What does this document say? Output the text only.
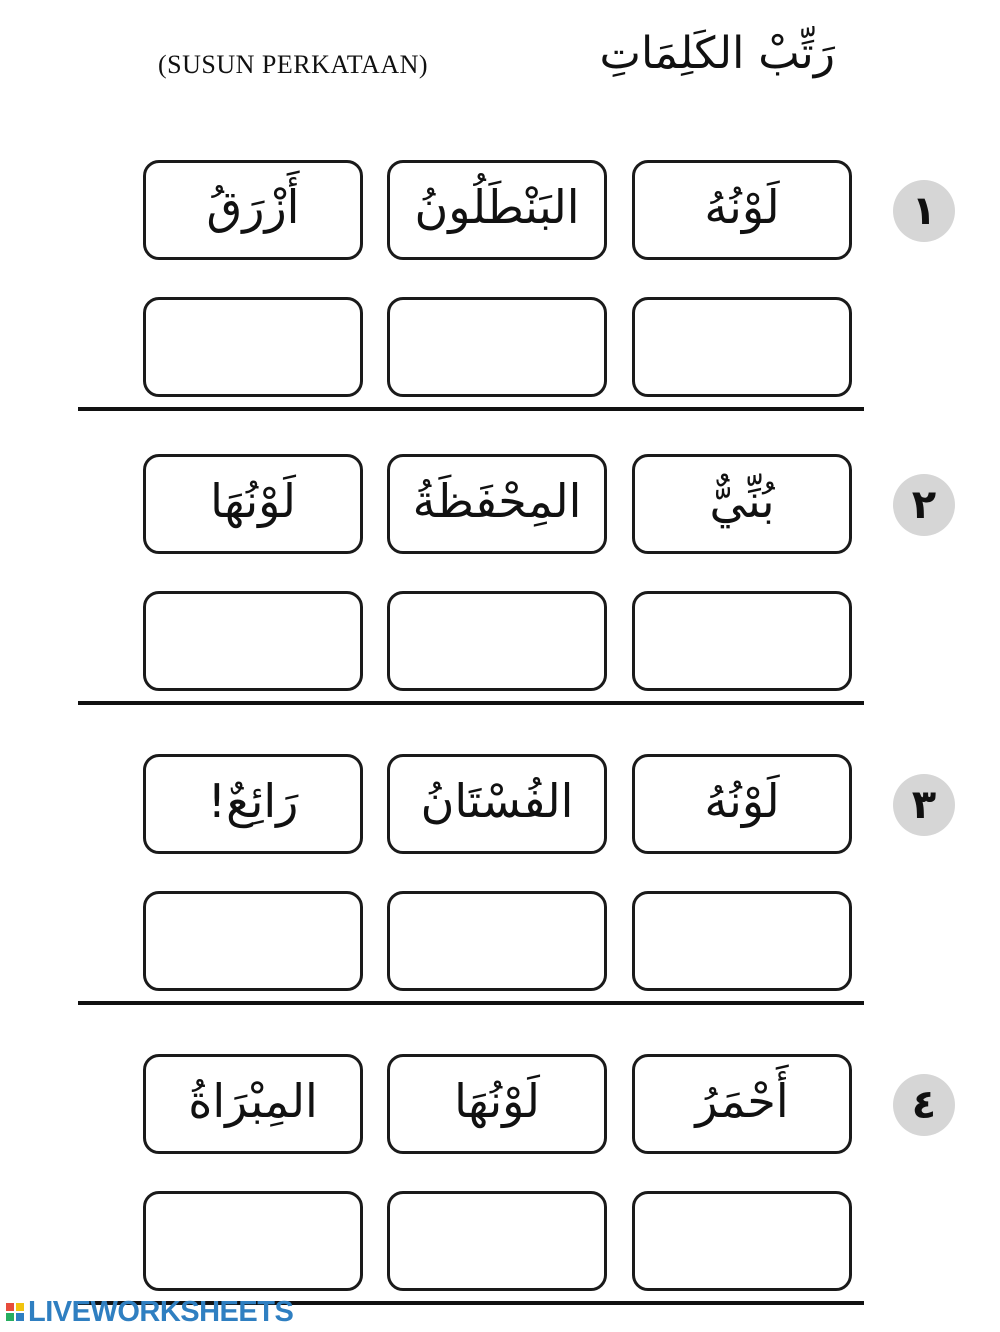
(SUSUN PERKATAAN)	رَتِّبْ الكَلِمَاتِ
١
لَوْنُهُ
البَنْطَلُونُ
أَزْرَقُ
٢
بُنِّيٌّ
المِحْفَظَةُ
لَوْنُهَا
٣
لَوْنُهُ
الفُسْتَانُ
رَائِعٌ!
٤
أَحْمَرُ
لَوْنُهَا
المِبْرَاةُ
LIVEWORKSHEETS
